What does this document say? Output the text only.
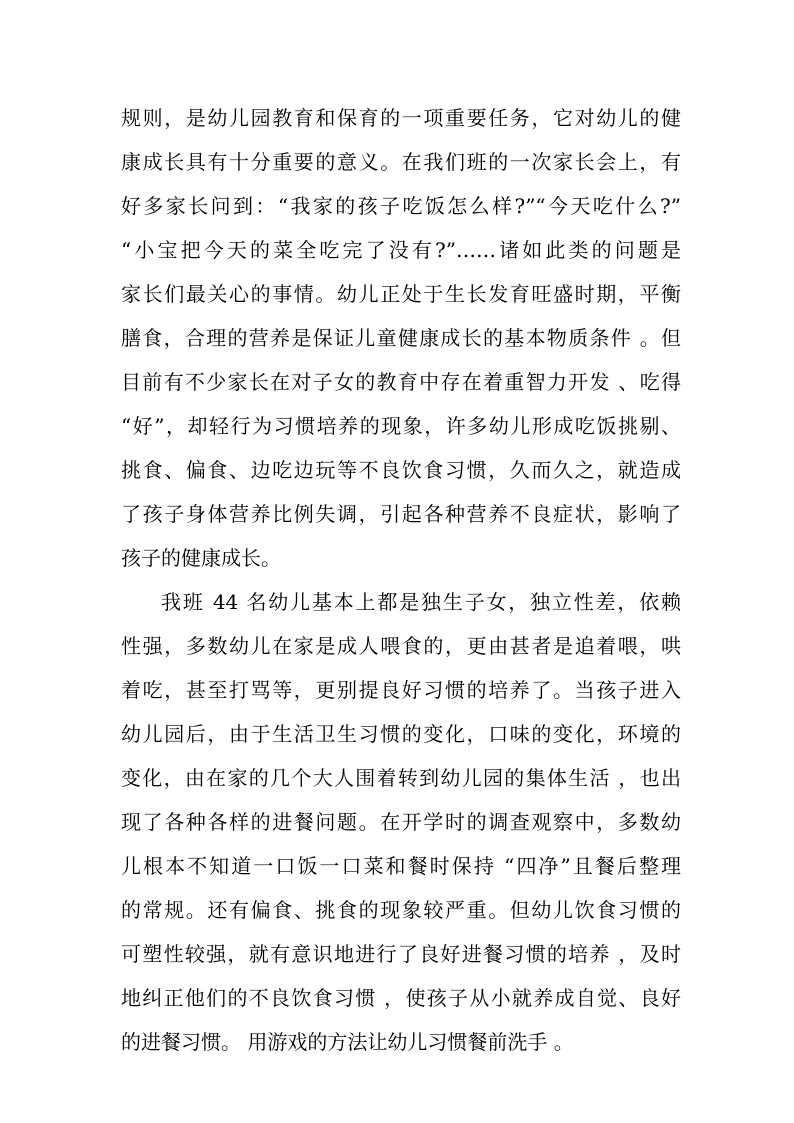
规则，是幼儿园教育和保育的一项重要任务，它对幼儿的健
康成长具有十分重要的意义。在我们班的一次家长会上，有
好多家长问到：“我家的孩子吃饭怎么样?”“今天吃什么?”
“小宝把今天的菜全吃完了没有?”……诸如此类的问题是
家长们最关心的事情。幼儿正处于生长发育旺盛时期，平衡
膳食，合理的营养是保证儿童健康成长的基本物质条件 。但
目前有不少家长在对子女的教育中存在着重智力开发 、吃得
“好”，却轻行为习惯培养的现象，许多幼儿形成吃饭挑剔、
挑食、偏食、边吃边玩等不良饮食习惯，久而久之，就造成
了孩子身体营养比例失调，引起各种营养不良症状，影响了
孩子的健康成长。
我班 44 名幼儿基本上都是独生子女，独立性差，依赖
性强，多数幼儿在家是成人喂食的，更由甚者是追着喂，哄
着吃，甚至打骂等，更别提良好习惯的培养了。当孩子进入
幼儿园后，由于生活卫生习惯的变化，口味的变化，环境的
变化，由在家的几个大人围着转到幼儿园的集体生活 ，也出
现了各种各样的进餐问题。在开学时的调查观察中，多数幼
儿根本不知道一口饭一口菜和餐时保持 “四净”且餐后整理
的常规。还有偏食、挑食的现象较严重。但幼儿饮食习惯的
可塑性较强，就有意识地进行了良好进餐习惯的培养 ，及时
地纠正他们的不良饮食习惯 ，使孩子从小就养成自觉、良好
的进餐习惯。 用游戏的方法让幼儿习惯餐前洗手 。
